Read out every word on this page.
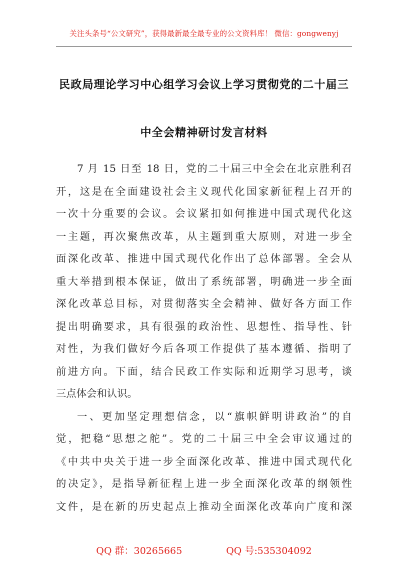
关注头条号“公文研究”，获得最新最全最专业的公文资料库！ 微信：gongwenyj
民政局理论学习中心组学习会议上学习贯彻党的二十届三
中全会精神研讨发言材料
7 月 15 日至 18 日，党的二十届三中全会在北京胜利召
开，这是在全面建设社会主义现代化国家新征程上召开的
一次十分重要的会议。会议紧扣如何推进中国式现代化这
一主题，再次聚焦改革，从主题到重大原则，对进一步全
面深化改革、推进中国式现代化作出了总体部署。全会从
重大举措到根本保证，做出了系统部署，明确进一步全面
深化改革总目标，对贯彻落实全会精神、做好各方面工作
提出明确要求，具有很强的政治性、思想性、指导性、针
对性，为我们做好今后各项工作提供了基本遵循、指明了
前进方向。下面，结合民政工作实际和近期学习思考，谈
三点体会和认识。
一、更加坚定理想信念，以“旗帜鲜明讲政治”的自
觉，把稳“思想之舵”。党的二十届三中全会审议通过的
《中共中央关于进一步全面深化改革、推进中国式现代化
的决定》，是指导新征程上进一步全面深化改革的纲领性
文件，是在新的历史起点上推动全面深化改革向广度和深
QQ 群：30265665	QQ 号:535304092
